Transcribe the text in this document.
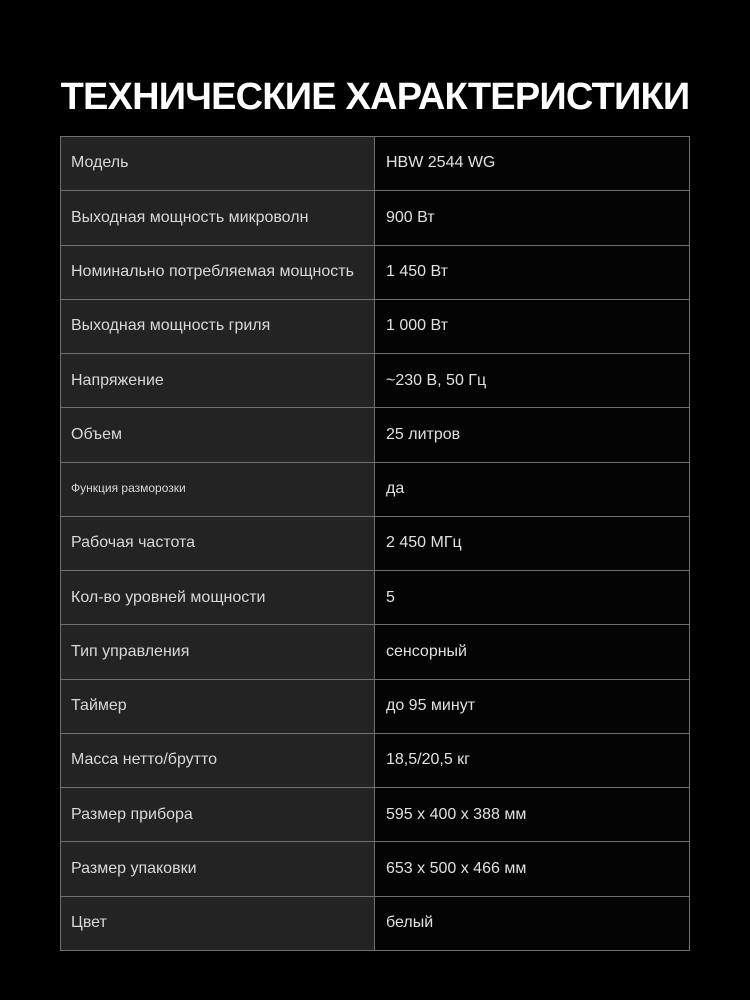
ТЕХНИЧЕСКИЕ ХАРАКТЕРИСТИКИ
Модель	HBW 2544 WG
Выходная мощность микроволн	900 Вт
Номинально потребляемая мощность	1 450 Вт
Выходная мощность гриля	1 000 Вт
Напряжение	~230 В, 50 Гц
Объем	25 литров
Функция разморозки	да
Рабочая частота	2 450 МГц
Кол-во уровней мощности	5
Тип управления	сенсорный
Таймер	до 95 минут
Масса нетто/брутто	18,5/20,5 кг
Размер прибора	595 x 400 x 388 мм
Размер упаковки	653 x 500 x 466 мм
Цвет	белый
